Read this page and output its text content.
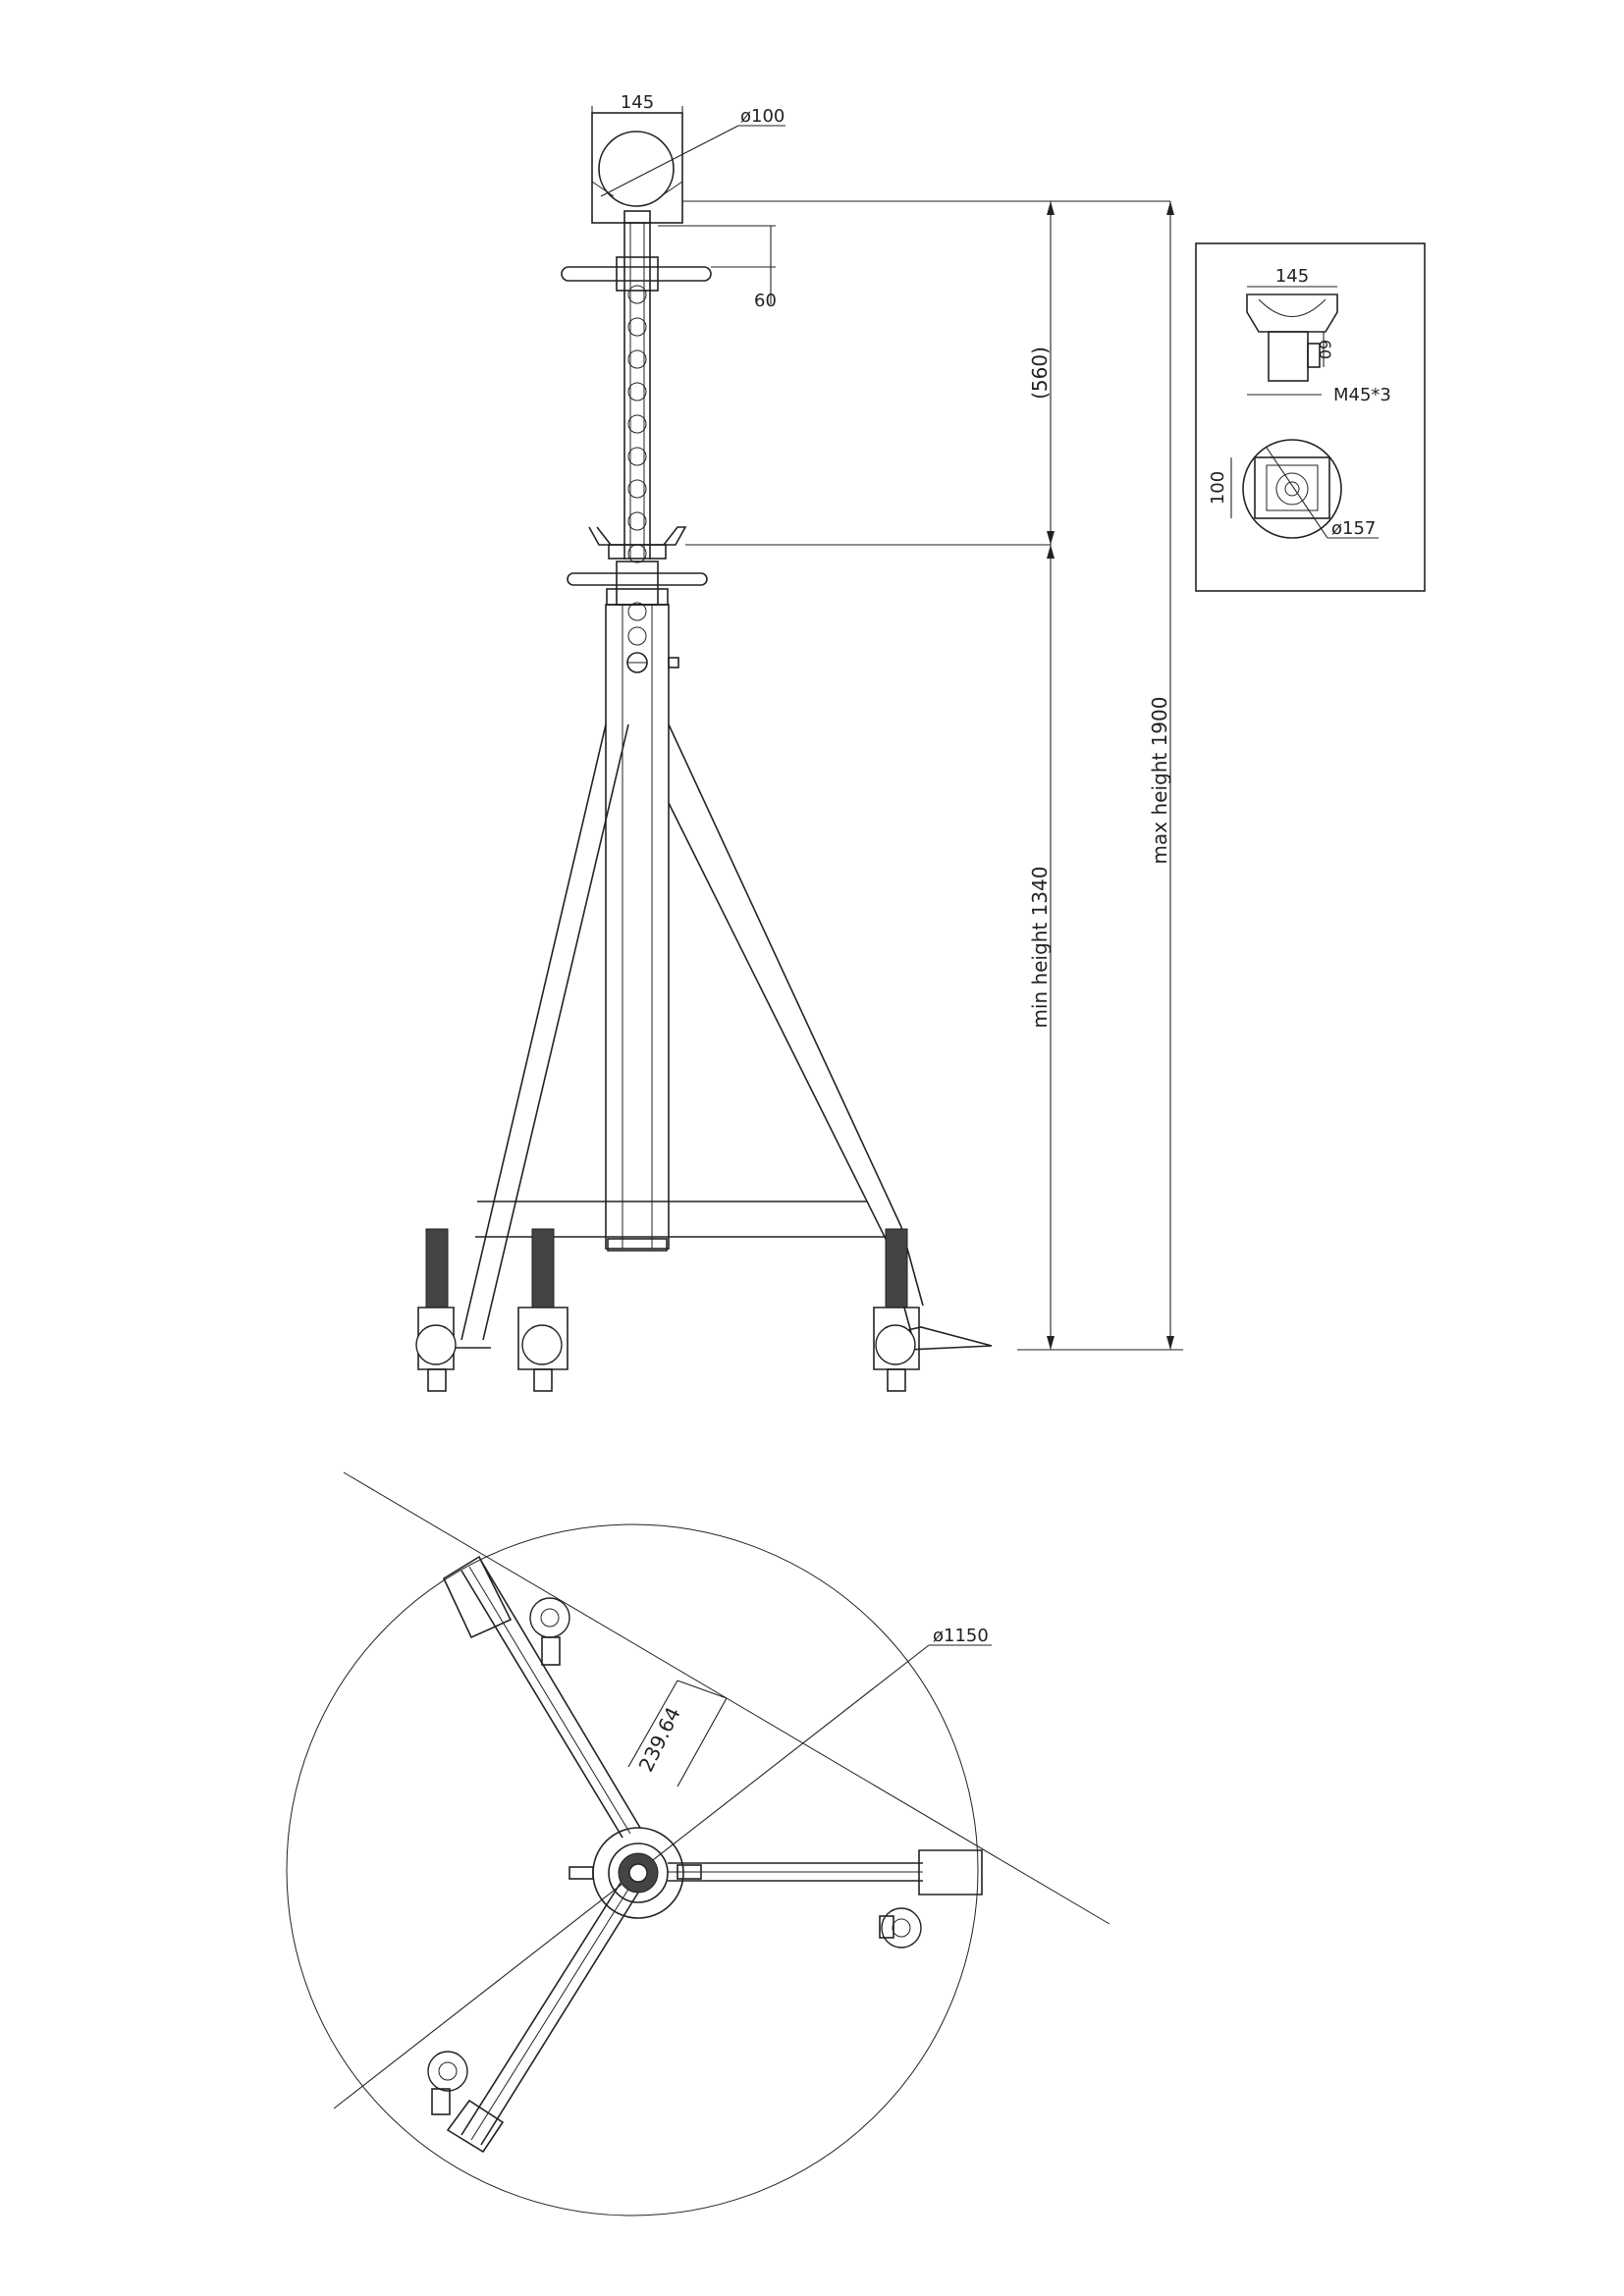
145
ø100
60
(560)
min height 1340
max height 1900
145
M45*3
60
100
ø157
ø1150
239.64
